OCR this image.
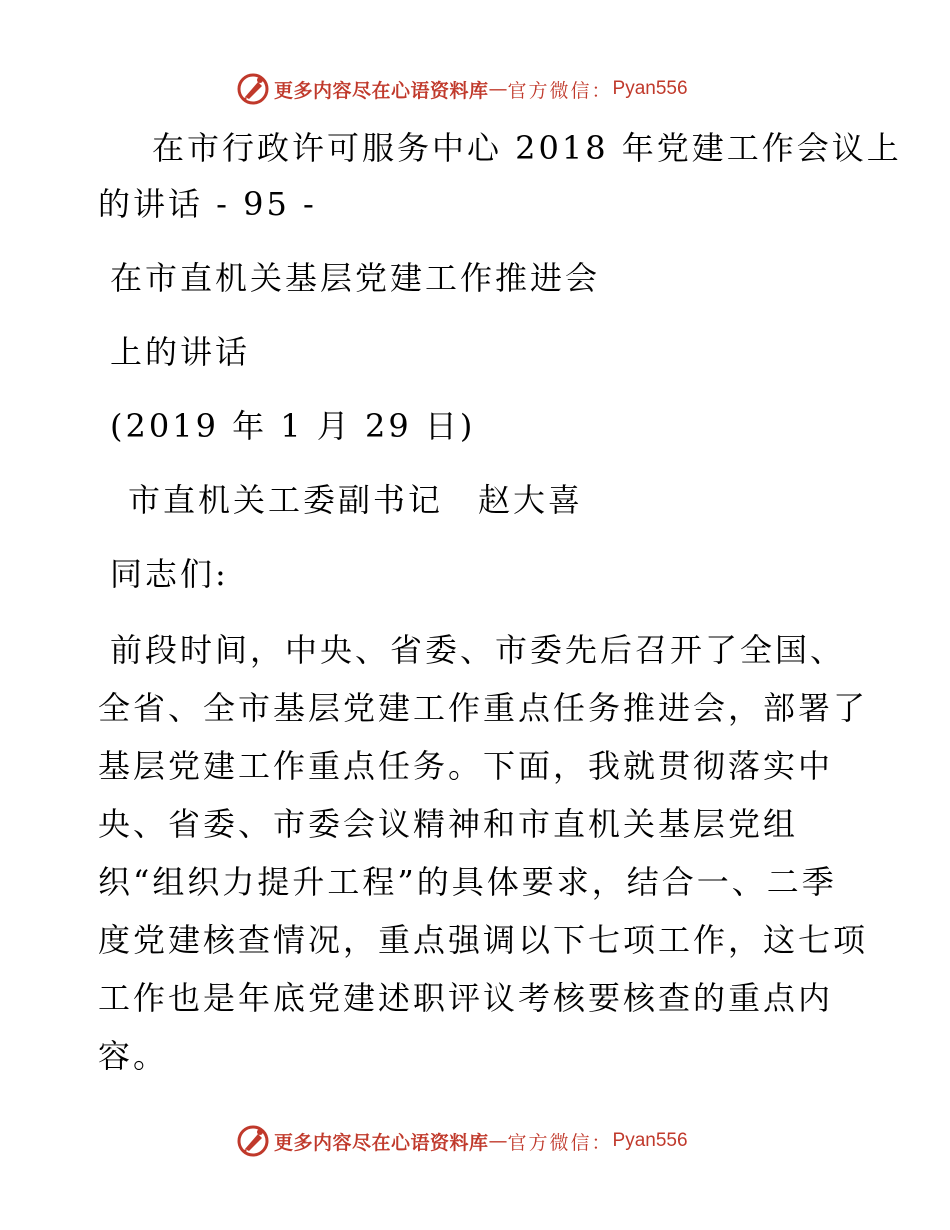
更多内容尽在心语资料库 — 官方微信： Pyan556
在市行政许可服务中心 2018 年党建工作会议上
的讲话 - 95 -
在市直机关基层党建工作推进会
上的讲话
(2019 年 1 月 29 日)
市直机关工委副书记　赵大喜
同志们:
前段时间，中央、省委、市委先后召开了全国、
全省、全市基层党建工作重点任务推进会，部署了
基层党建工作重点任务。下面，我就贯彻落实中
央、省委、市委会议精神和市直机关基层党组
织“组织力提升工程”的具体要求，结合一、二季
度党建核查情况，重点强调以下七项工作，这七项
工作也是年底党建述职评议考核要核查的重点内
容。
更多内容尽在心语资料库 — 官方微信： Pyan556
